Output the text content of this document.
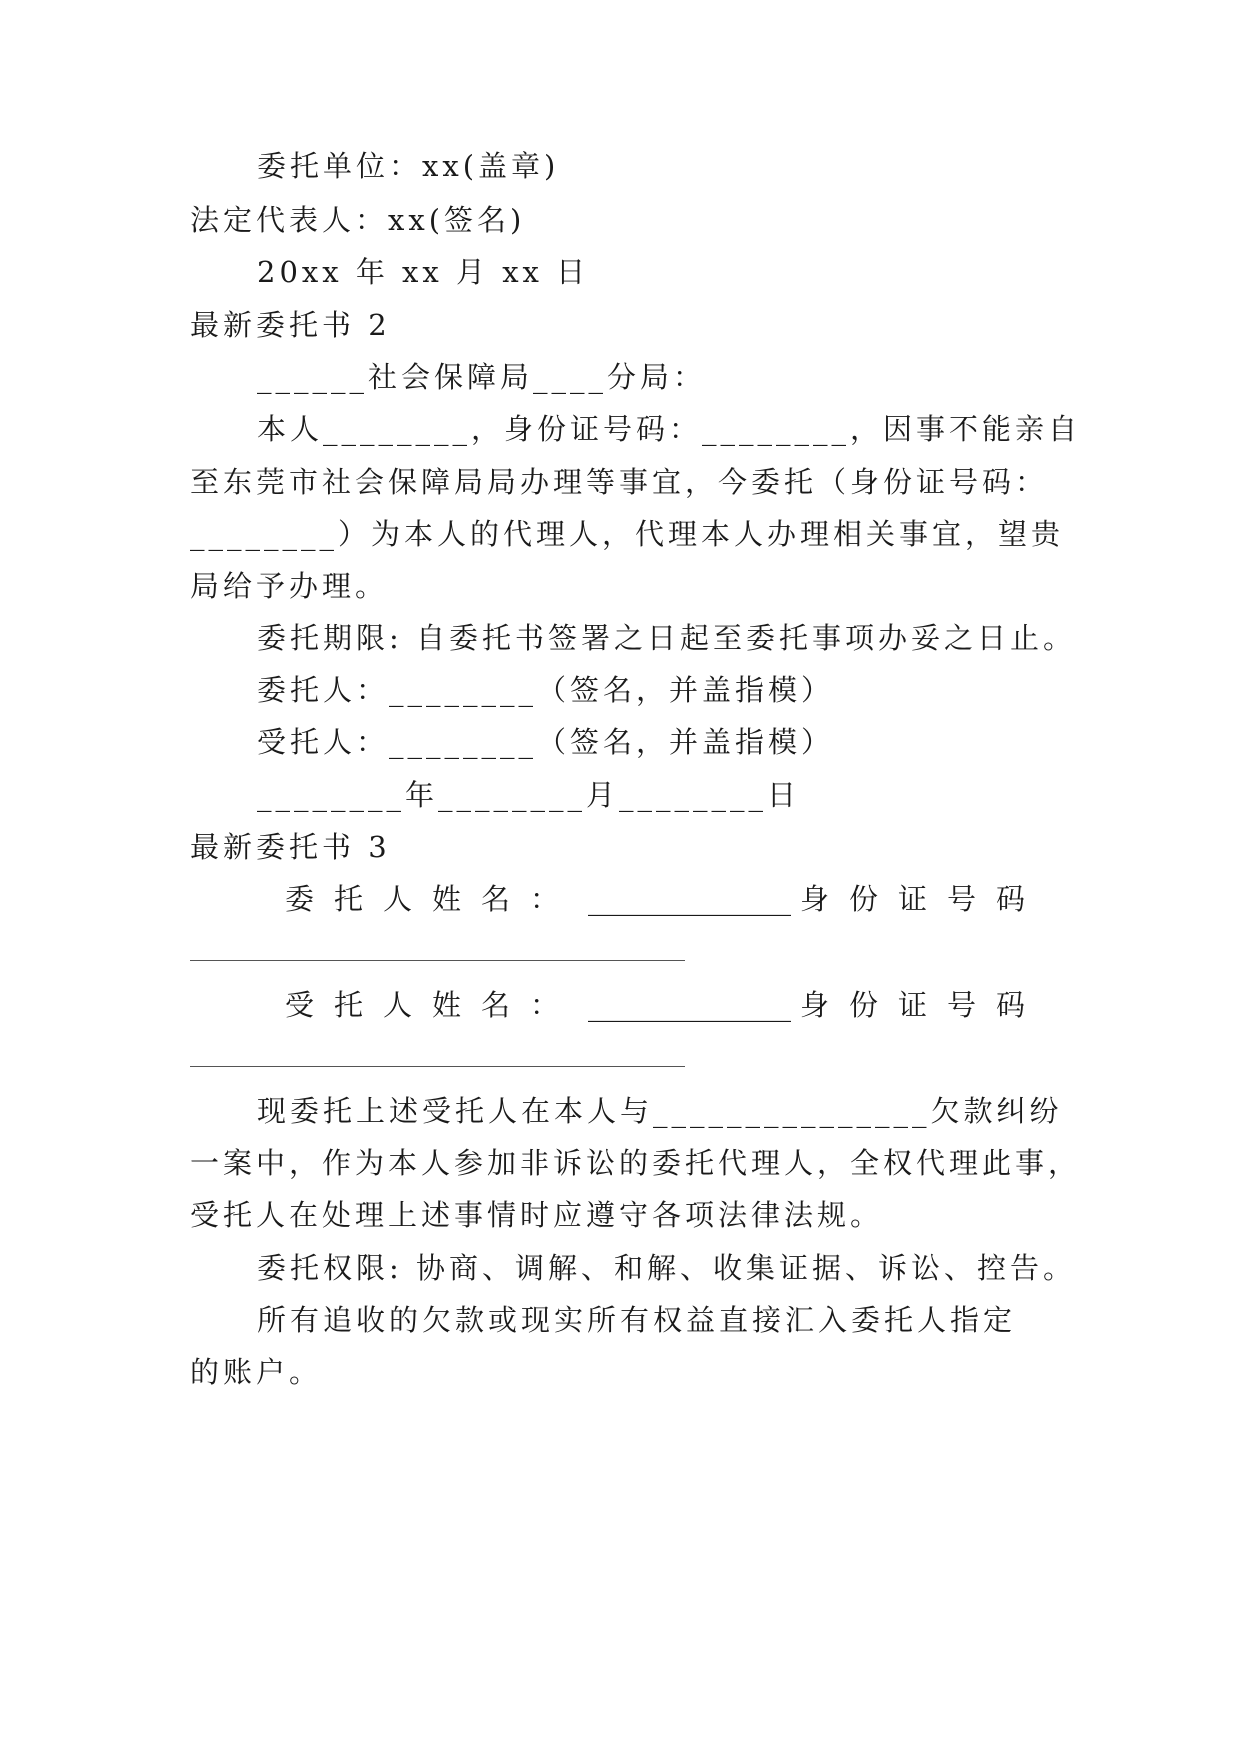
委托单位：xx(盖章)
法定代表人：xx(签名)
20xx 年 xx 月 xx 日
最新委托书 2
______社会保障局____分局：
本人________，身份证号码：________，因事不能亲自
至东莞市社会保障局局办理等事宜，今委托（身份证号码：
________）为本人的代理人，代理本人办理相关事宜，望贵
局给予办理。
委托期限: 自委托书签署之日起至委托事项办妥之日止。
委托人：________（签名，并盖指模）
受托人：________（签名，并盖指模）
________年________月________日
最新委托书 3
委托人姓名： ______________ 身份证号码
受托人姓名： ______________ 身份证号码
现委托上述受托人在本人与_______________欠款纠纷
一案中，作为本人参加非诉讼的委托代理人，全权代理此事，
受托人在处理上述事情时应遵守各项法律法规。
委托权限: 协商、调解、和解、收集证据、诉讼、控告。
所有追收的欠款或现实所有权益直接汇入委托人指定
的账户。
